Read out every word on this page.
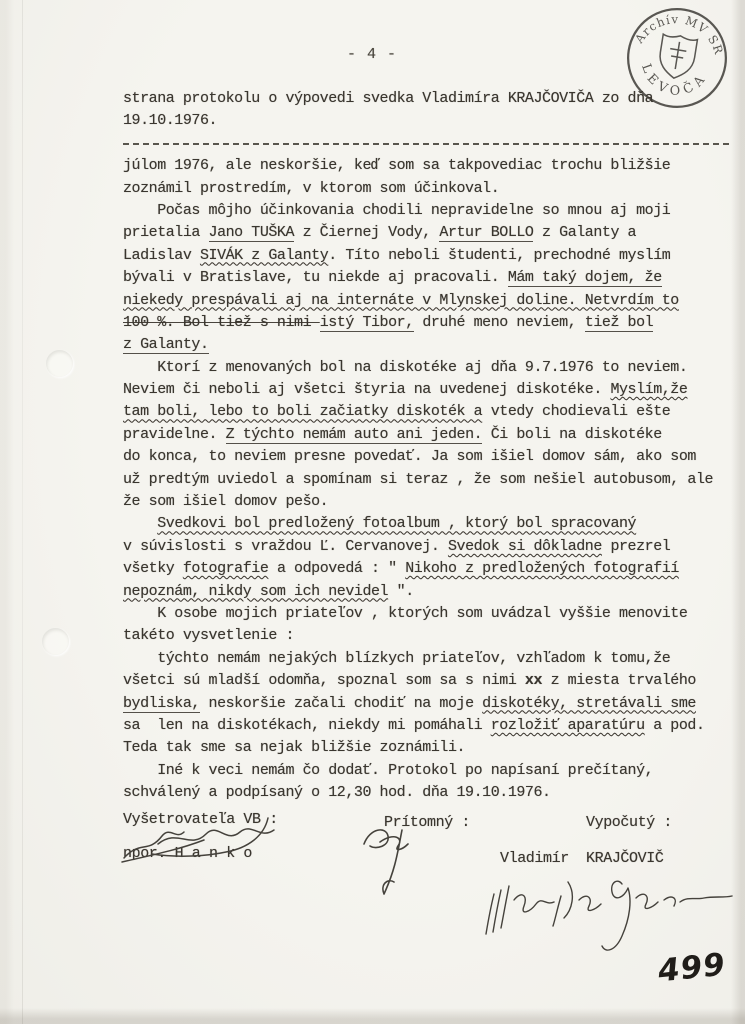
- 4 -
Archív MV SR
LEVOČA
strana protokolu o výpovedi svedka Vladimíra KRAJČOVIČA zo dňa
19.10.1976.
júlom 1976, ale neskoršie, keď som sa takpovediac trochu bližšie
zoznámil prostredím, v ktorom som účinkoval.
Počas môjho účinkovania chodili nepravidelne so mnou aj moji
prietalia Jano TUŠKA z Čiernej Vody, Artur BOLLO z Galanty a
Ladislav SIVÁK z Galanty. Títo neboli študenti, prechodné myslím
bývali v Bratislave, tu niekde aj pracovali. Mám taký dojem, že
niekedy prespávali aj na internáte v Mlynskej doline. Netvrdím to
100 %. Bol tiež s nimi istý Tibor, druhé meno neviem, tiež bol
z Galanty.
Ktorí z menovaných bol na diskotéke aj dňa 9.7.1976 to neviem.
Neviem či neboli aj všetci štyria na uvedenej diskotéke. Myslím,že
tam boli, lebo to boli začiatky diskoték a vtedy chodievali ešte
pravidelne. Z týchto nemám auto ani jeden. Či boli na diskotéke
do konca, to neviem presne povedať. Ja som išiel domov sám, ako som
už predtým uviedol a spomínam si teraz , že som nešiel autobusom, ale
že som išiel domov pešo.
Svedkovi bol predložený fotoalbum , ktorý bol spracovaný
v súvislosti s vraždou Ľ. Cervanovej. Svedok si dôkladne prezrel
všetky fotografie a odpovedá : " Nikoho z predložených fotografií
nepoznám, nikdy som ich nevidel ".
K osobe mojich priateľov , ktorých som uvádzal vyššie menovite
takéto vysvetlenie :
týchto nemám nejakých blízkych priateľov, vzhľadom k tomu,že
všetci sú mladší odomňa, spoznal som sa s nimi xx z miesta trvalého
bydliska, neskoršie začali chodiť na moje diskotéky, stretávali sme
sa  len na diskotékach, niekdy mi pomáhali rozložiť aparatúru a pod.
Teda tak sme sa nejak bližšie zoznámili.
Iné k veci nemám čo dodať. Protokol po napísaní prečítaný,
schválený a podpísaný o 12,30 hod. dňa 19.10.1976.
Vyšetrovateľa VB :
npor. H a n k o
Prítomný :	Vypočutý :
Vladimír  KRAJČOVIČ
499
